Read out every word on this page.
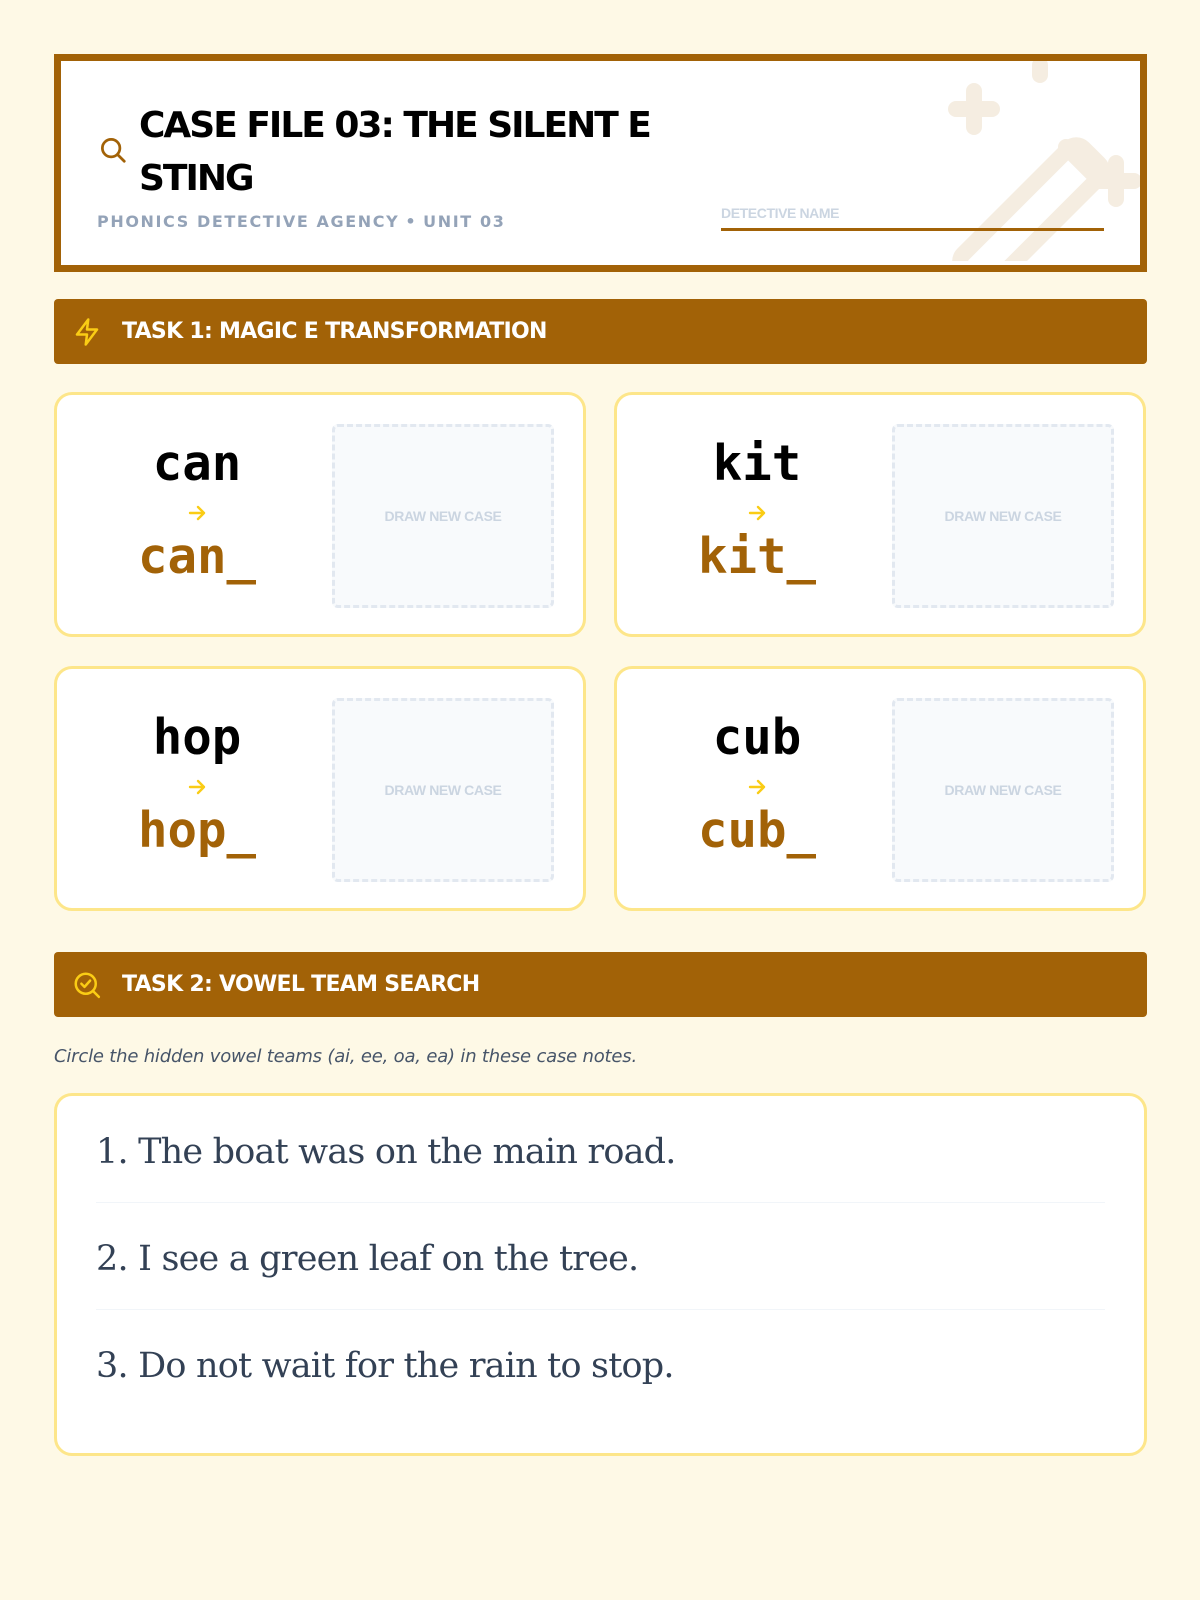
CASE FILE 03: THE SILENT E STING
PHONICS DETECTIVE AGENCY • UNIT 03	DETECTIVE NAME
TASK 1: MAGIC E TRANSFORMATION
can
can_
DRAW NEW CASE
kit
kit_
DRAW NEW CASE
hop
hop_
DRAW NEW CASE
cub
cub_
DRAW NEW CASE
TASK 2: VOWEL TEAM SEARCH
Circle the hidden vowel teams (ai, ee, oa, ea) in these case notes.
1. The boat was on the main road.
2. I see a green leaf on the tree.
3. Do not wait for the rain to stop.
